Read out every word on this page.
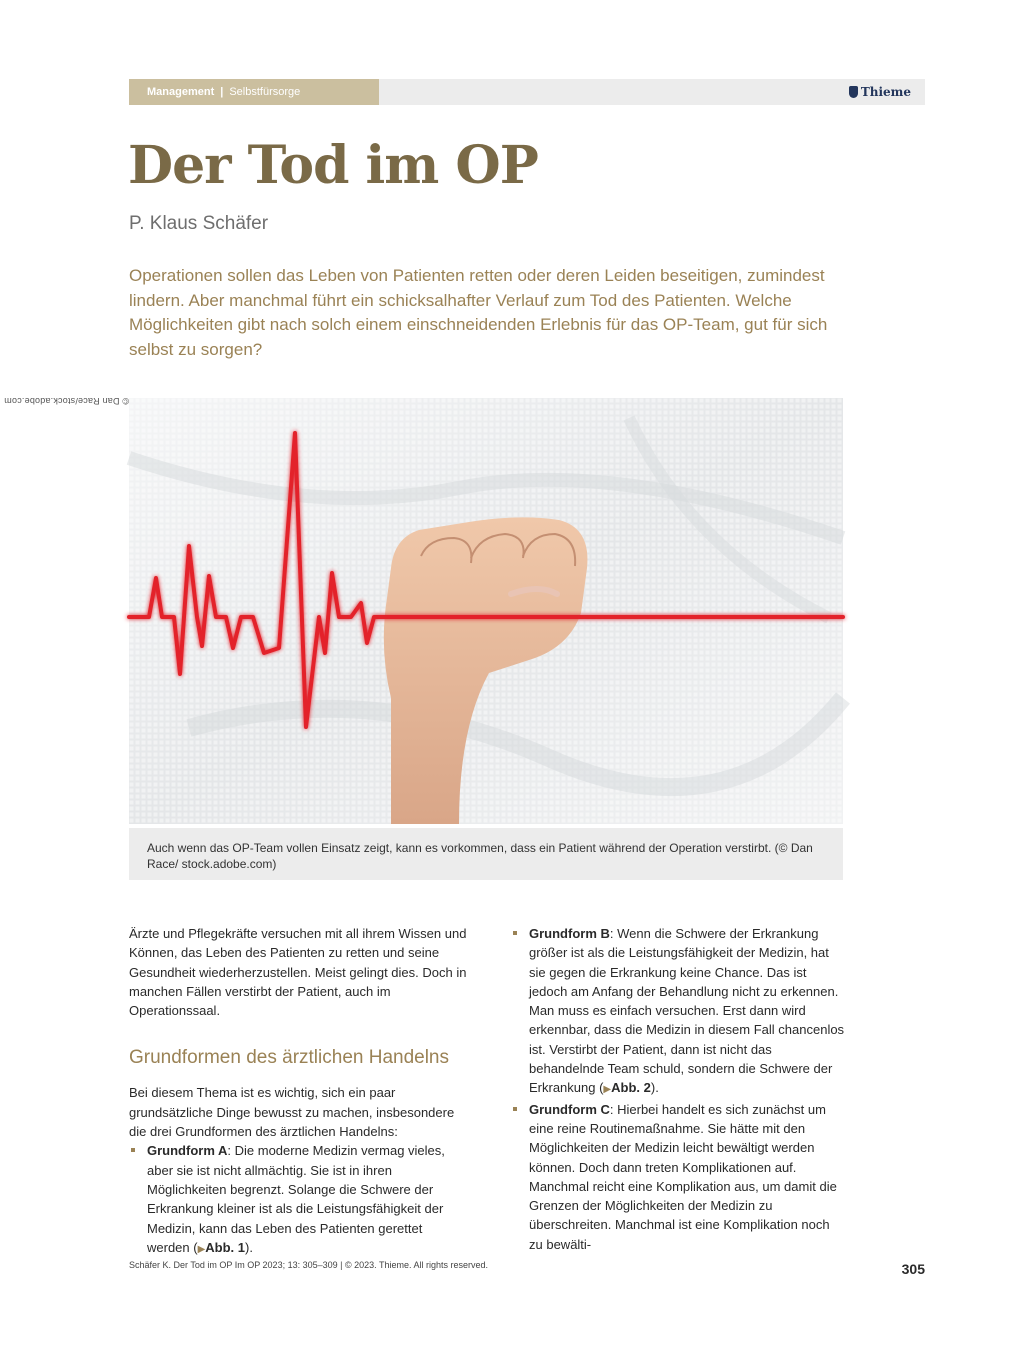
Management | Selbstfürsorge	Thieme
Der Tod im OP
P. Klaus Schäfer

Operationen sollen das Leben von Patienten retten oder deren Leiden beseitigen, zumindest lindern. Aber manchmal führt ein schicksalhafter Verlauf zum Tod des Patienten. Welche Möglichkeiten gibt nach solch einem einschneidenden Erlebnis für das OP-Team, gut für sich selbst zu sorgen?

© Dan Race/stock.adobe.com

Auch wenn das OP-Team vollen Einsatz zeigt, kann es vorkommen, dass ein Patient während der Operation verstirbt. (© Dan Race/ stock.adobe.com)

Ärzte und Pflegekräfte versuchen mit all ihrem Wissen und Können, das Leben des Patienten zu retten und seine Gesundheit wiederherzustellen. Meist gelingt dies. Doch in manchen Fällen verstirbt der Patient, auch im Operationssaal.

Grundformen des ärztlichen Handelns

Bei diesem Thema ist es wichtig, sich ein paar grundsätzliche Dinge bewusst zu machen, insbesondere die drei Grundformen des ärztlichen Handelns:

Grundform A: Die moderne Medizin vermag vieles, aber sie ist nicht allmächtig. Sie ist in ihren Möglichkeiten begrenzt. Solange die Schwere der Erkrankung kleiner ist als die Leistungsfähigkeit der Medizin, kann das Leben des Patienten gerettet werden (▶Abb. 1).
Grundform B: Wenn die Schwere der Erkrankung größer ist als die Leistungsfähigkeit der Medizin, hat sie gegen die Erkrankung keine Chance. Das ist jedoch am Anfang der Behandlung nicht zu erkennen. Man muss es einfach versuchen. Erst dann wird erkennbar, dass die Medizin in diesem Fall chancenlos ist. Verstirbt der Patient, dann ist nicht das behandelnde Team schuld, sondern die Schwere der Erkrankung (▶Abb. 2).
Grundform C: Hierbei handelt es sich zunächst um eine reine Routinemaßnahme. Sie hätte mit den Möglichkeiten der Medizin leicht bewältigt werden können. Doch dann treten Komplikationen auf. Manchmal reicht eine Komplikation aus, um damit die Grenzen der Möglichkeiten der Medizin zu überschreiten. Manchmal ist eine Komplikation noch zu bewälti-
Schäfer K. Der Tod im OP Im OP 2023; 13: 305–309 | © 2023. Thieme. All rights reserved.	305
